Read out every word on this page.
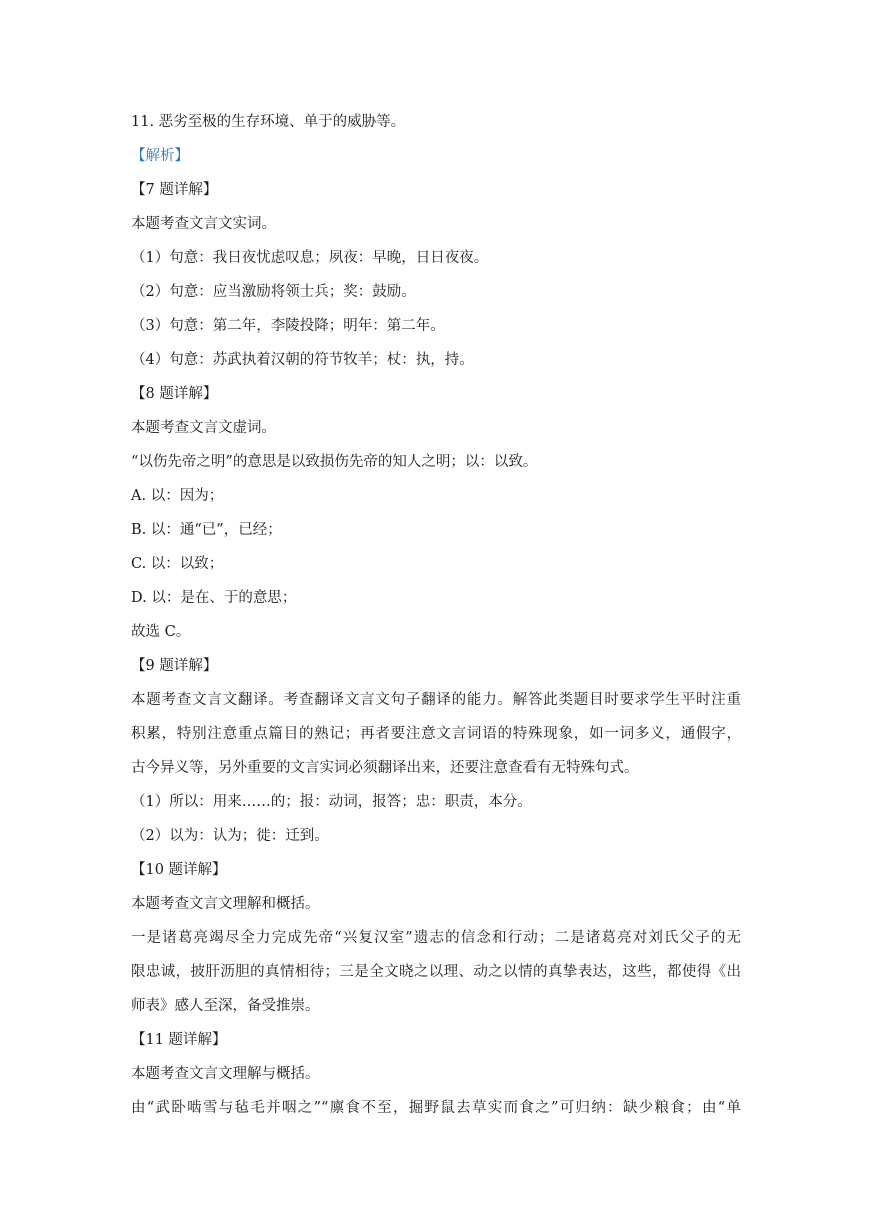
11. 恶劣至极的生存环境、单于的威胁等。
【解析】
【7 题详解】
本题考查文言文实词。
（1）句意：我日夜忧虑叹息；夙夜：早晚，日日夜夜。
（2）句意：应当激励将领士兵；奖：鼓励。
（3）句意：第二年，李陵投降；明年：第二年。
（4）句意：苏武执着汉朝的符节牧羊；杖：执，持。
【8 题详解】
本题考查文言文虚词。
“以伤先帝之明”的意思是以致损伤先帝的知人之明；以：以致。
A. 以：因为；
B. 以：通“已”，已经；
C. 以：以致；
D. 以：是在、于的意思；
故选 C。
【9 题详解】
本题考查文言文翻译。考查翻译文言文句子翻译的能力。解答此类题目时要求学生平时注重
积累，特别注意重点篇目的熟记；再者要注意文言词语的特殊现象，如一词多义，通假字，
古今异义等，另外重要的文言实词必须翻译出来，还要注意查看有无特殊句式。
（1）所以：用来……的；报：动词，报答；忠：职责，本分。
（2）以为：认为；徙：迁到。
【10 题详解】
本题考查文言文理解和概括。
一是诸葛亮竭尽全力完成先帝“兴复汉室”遗志的信念和行动；二是诸葛亮对刘氏父子的无
限忠诚，披肝沥胆的真情相待；三是全文晓之以理、动之以情的真挚表达，这些，都使得《出
师表》感人至深，备受推崇。
【11 题详解】
本题考查文言文理解与概括。
由“武卧啮雪与毡毛并咽之”“廪食不至，掘野鼠去草实而食之”可归纳：缺少粮食；由“单
